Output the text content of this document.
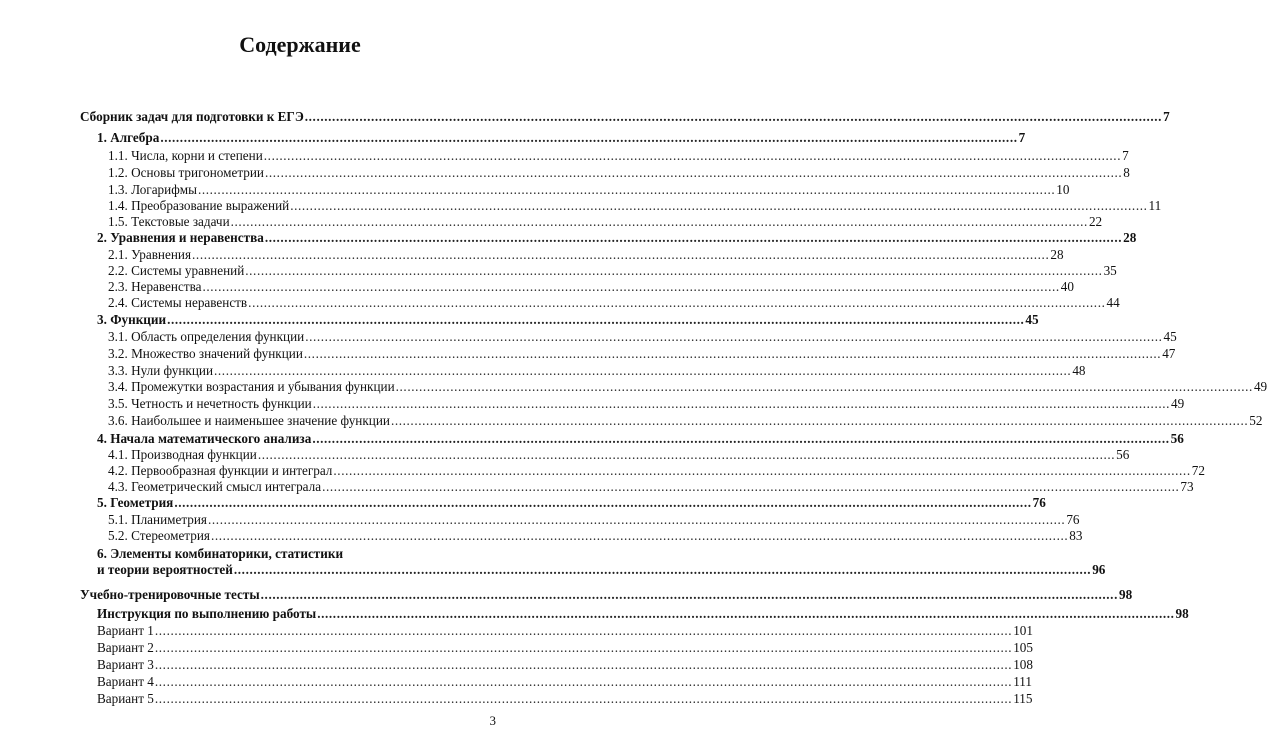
Содержание
Сборник задач для подготовки к ЕГЭ ............................................................................................................................................................................................................................ 7
1. Алгебра ............................................................................................................................................................................................................................ 7
1.1. Числа, корни и степени ............................................................................................................................................................................................................................ 7
1.2. Основы тригонометрии ............................................................................................................................................................................................................................ 8
1.3. Логарифмы ............................................................................................................................................................................................................................ 10
1.4. Преобразование выражений ............................................................................................................................................................................................................................ 11
1.5. Текстовые задачи ............................................................................................................................................................................................................................ 22
2. Уравнения и неравенства ............................................................................................................................................................................................................................ 28
2.1. Уравнения ............................................................................................................................................................................................................................ 28
2.2. Системы уравнений ............................................................................................................................................................................................................................ 35
2.3. Неравенства ............................................................................................................................................................................................................................ 40
2.4. Системы неравенств ............................................................................................................................................................................................................................ 44
3. Функции ............................................................................................................................................................................................................................ 45
3.1. Область определения функции ............................................................................................................................................................................................................................ 45
3.2. Множество значений функции ............................................................................................................................................................................................................................ 47
3.3. Нули функции ............................................................................................................................................................................................................................ 48
3.4. Промежутки возрастания и убывания функции ............................................................................................................................................................................................................................ 49
3.5. Четность и нечетность функции ............................................................................................................................................................................................................................ 49
3.6. Наибольшее и наименьшее значение функции ............................................................................................................................................................................................................................ 52
4. Начала математического анализа ............................................................................................................................................................................................................................ 56
4.1. Производная функции ............................................................................................................................................................................................................................ 56
4.2. Первообразная функции и интеграл ............................................................................................................................................................................................................................ 72
4.3. Геометрический смысл интеграла ............................................................................................................................................................................................................................ 73
5. Геометрия ............................................................................................................................................................................................................................ 76
5.1. Планиметрия ............................................................................................................................................................................................................................ 76
5.2. Стереометрия ............................................................................................................................................................................................................................ 83
6. Элементы комбинаторики, статистики
и теории вероятностей ............................................................................................................................................................................................................................ 96
Учебно-тренировочные тесты ............................................................................................................................................................................................................................ 98
Инструкция по выполнению работы ............................................................................................................................................................................................................................ 98
Вариант 1 ............................................................................................................................................................................................................................ 101
Вариант 2 ............................................................................................................................................................................................................................ 105
Вариант 3 ............................................................................................................................................................................................................................ 108
Вариант 4 ............................................................................................................................................................................................................................ 111
Вариант 5 ............................................................................................................................................................................................................................ 115
3
